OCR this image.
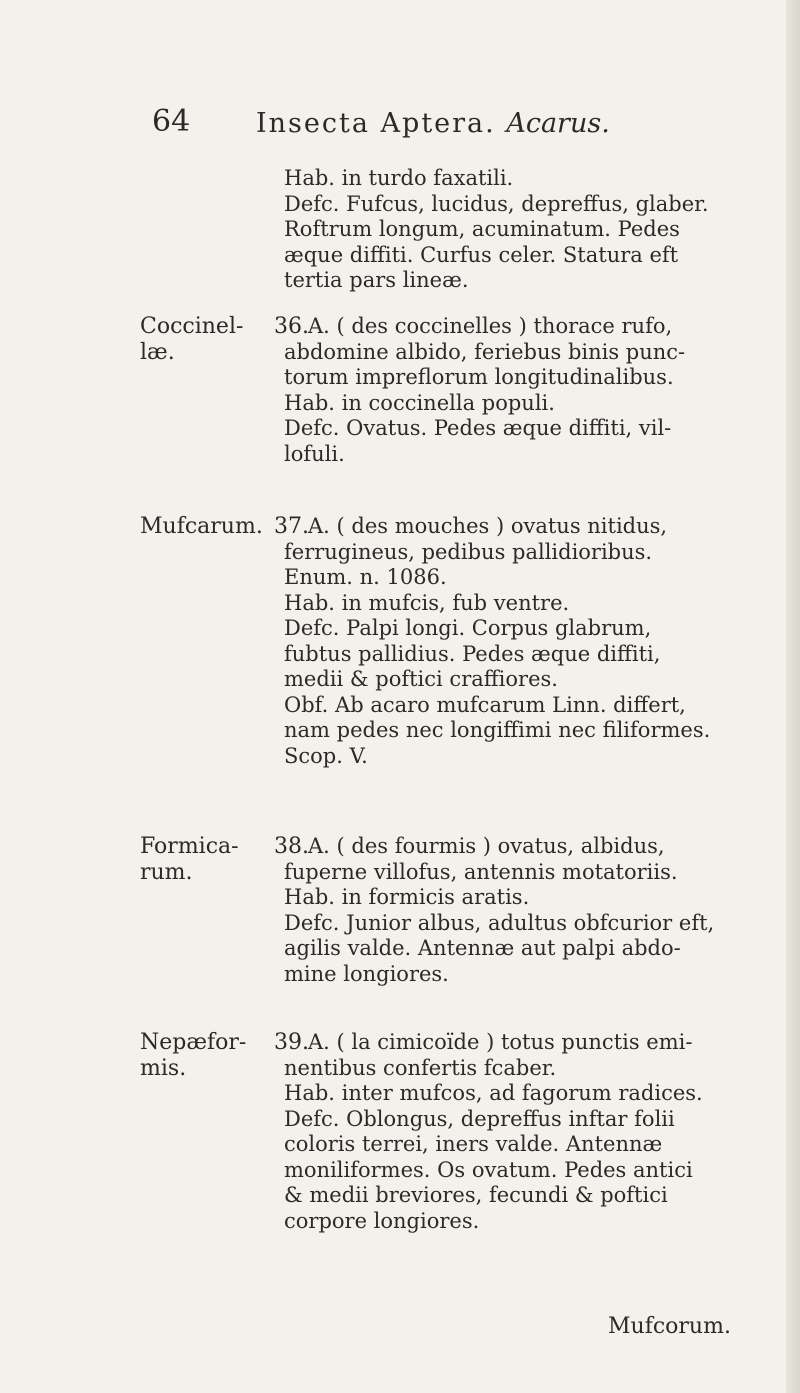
64 Insecta Aptera. Acarus.
Hab. in turdo faxatili.
Defc. Fufcus, lucidus, depreffus, glaber.
Roftrum longum, acuminatum. Pedes
æque diffiti. Curfus celer. Statura eft
tertia pars lineæ.
Coccinel-
læ.
36. A. ( des coccinelles ) thorace rufo,
abdomine albido, feriebus binis punc-
torum impreflorum longitudinalibus.
Hab. in coccinella populi.
Defc. Ovatus. Pedes æque diffiti, vil-
lofuli.
Mufcarum. 37. A. ( des mouches ) ovatus nitidus,
ferrugineus, pedibus pallidioribus.
Enum. n. 1086.
Hab. in mufcis, fub ventre.
Defc. Palpi longi. Corpus glabrum,
fubtus pallidius. Pedes æque diffiti,
medii & poftici craffiores.
Obf. Ab acaro mufcarum Linn. differt,
nam pedes nec longiffimi nec filiformes.
Scop. V.
Formica-
rum.
38. A. ( des fourmis ) ovatus, albidus,
fuperne villofus, antennis motatoriis.
Hab. in formicis aratis.
Defc. Junior albus, adultus obfcurior eft,
agilis valde. Antennæ aut palpi abdo-
mine longiores.
Nepæfor-
mis.
39. A. ( la cimicoïde ) totus punctis emi-
nentibus confertis fcaber.
Hab. inter mufcos, ad fagorum radices.
Defc. Oblongus, depreffus inftar folii
coloris terrei, iners valde. Antennæ
moniliformes. Os ovatum. Pedes antici
& medii breviores, fecundi & poftici
corpore longiores.
Mufcorum.
